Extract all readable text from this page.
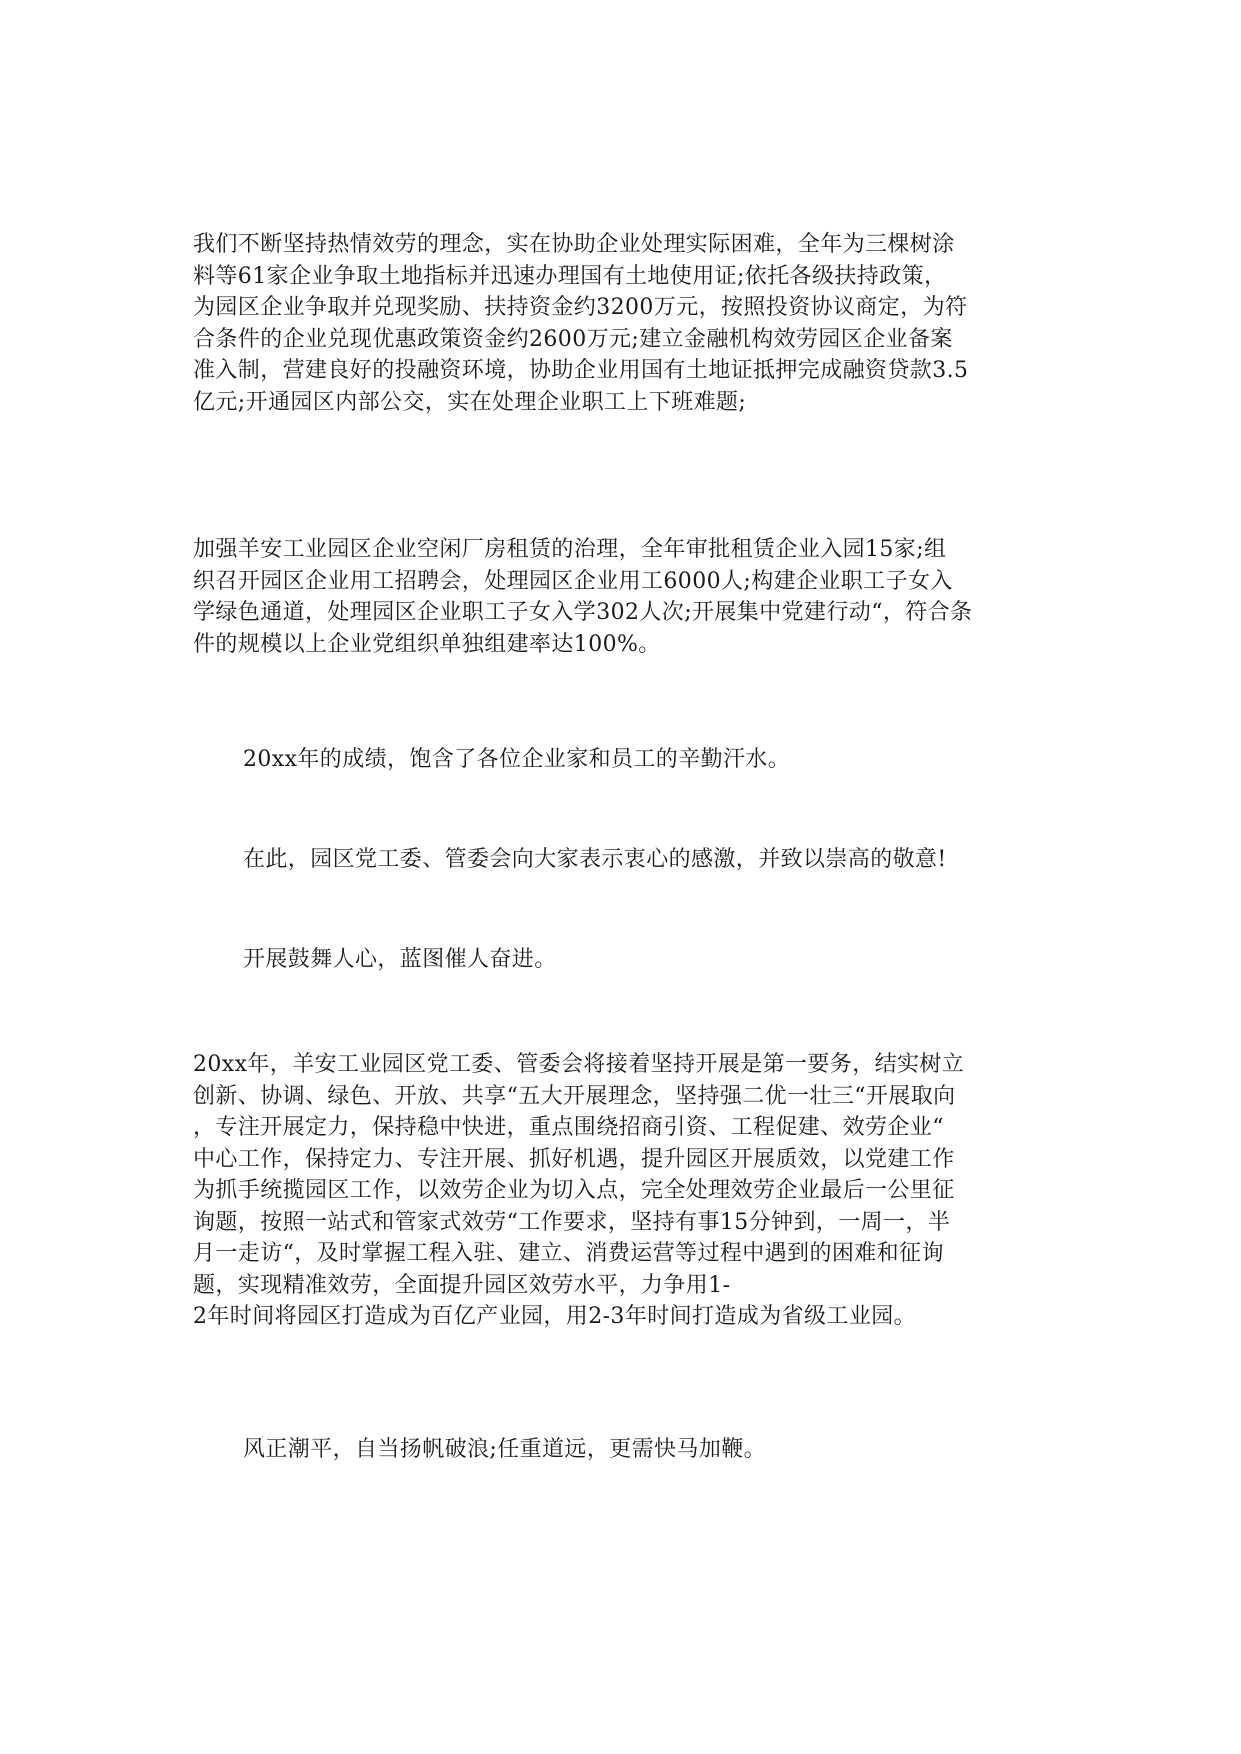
我们不断坚持热情效劳的理念，实在协助企业处理实际困难，全年为三棵树涂
料等61家企业争取土地指标并迅速办理国有土地使用证;依托各级扶持政策，
为园区企业争取并兑现奖励、扶持资金约3200万元，按照投资协议商定，为符
合条件的企业兑现优惠政策资金约2600万元;建立金融机构效劳园区企业备案
准入制，营建良好的投融资环境，协助企业用国有土地证抵押完成融资贷款3.5
亿元;开通园区内部公交，实在处理企业职工上下班难题;

加强羊安工业园区企业空闲厂房租赁的治理，全年审批租赁企业入园15家;组
织召开园区企业用工招聘会，处理园区企业用工6000人;构建企业职工子女入
学绿色通道，处理园区企业职工子女入学302人次;开展集中党建行动“，符合条
件的规模以上企业党组织单独组建率达100%。

20xx年的成绩，饱含了各位企业家和员工的辛勤汗水。

在此，园区党工委、管委会向大家表示衷心的感激，并致以崇高的敬意!

开展鼓舞人心，蓝图催人奋进。

20xx年，羊安工业园区党工委、管委会将接着坚持开展是第一要务，结实树立
创新、协调、绿色、开放、共享“五大开展理念，坚持强二优一壮三“开展取向
，专注开展定力，保持稳中快进，重点围绕招商引资、工程促建、效劳企业“
中心工作，保持定力、专注开展、抓好机遇，提升园区开展质效，以党建工作
为抓手统揽园区工作，以效劳企业为切入点，完全处理效劳企业最后一公里征
询题，按照一站式和管家式效劳“工作要求，坚持有事15分钟到，一周一，半
月一走访“，及时掌握工程入驻、建立、消费运营等过程中遇到的困难和征询
题，实现精准效劳，全面提升园区效劳水平，力争用1-
2年时间将园区打造成为百亿产业园，用2-3年时间打造成为省级工业园。

风正潮平，自当扬帆破浪;任重道远，更需快马加鞭。
